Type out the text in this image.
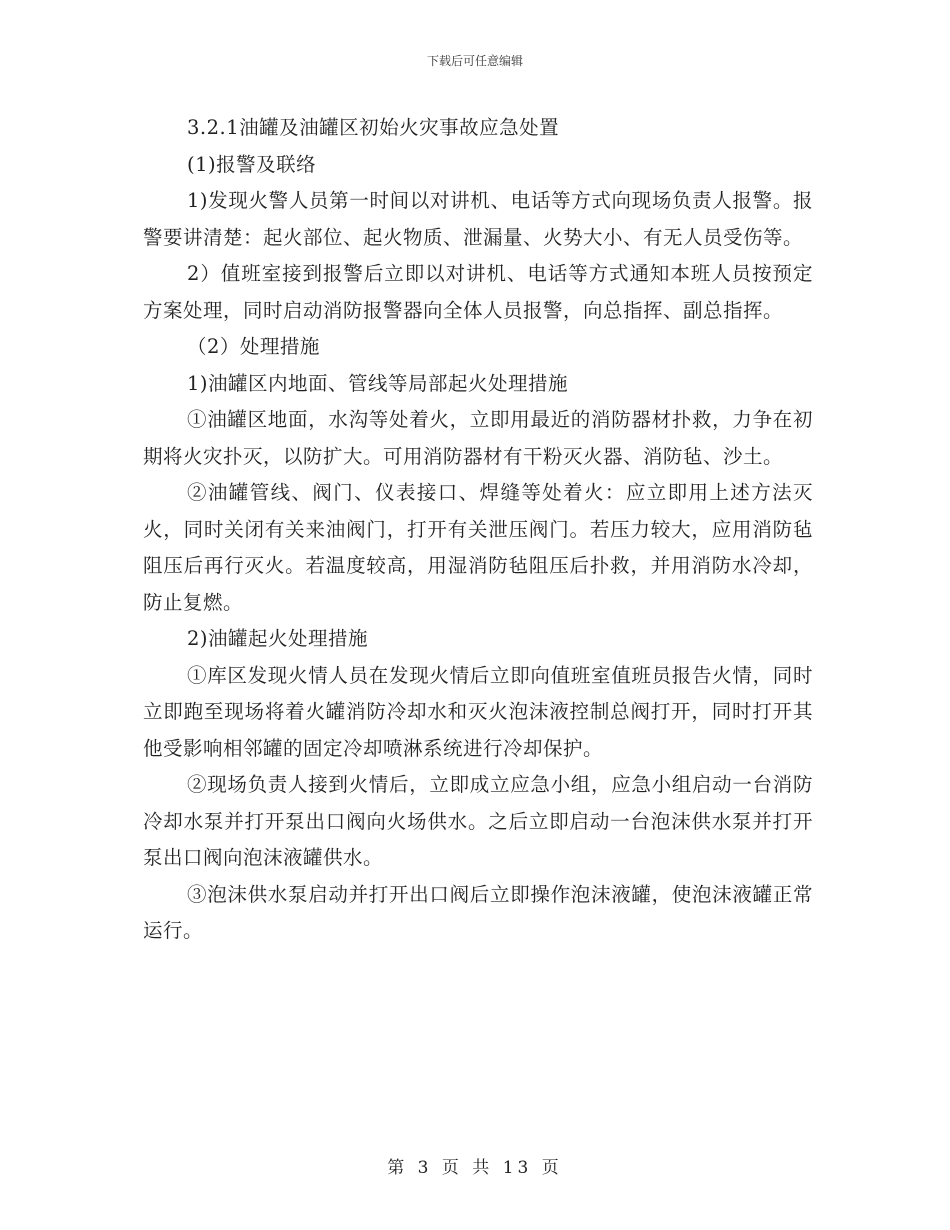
下载后可任意编辑

3.2.1油罐及油罐区初始火灾事故应急处置

(1)报警及联络

1)发现火警人员第一时间以对讲机、电话等方式向现场负责人报警。报警要讲清楚：起火部位、起火物质、泄漏量、火势大小、有无人员受伤等。

2）值班室接到报警后立即以对讲机、电话等方式通知本班人员按预定方案处理，同时启动消防报警器向全体人员报警，向总指挥、副总指挥。

（2）处理措施

1)油罐区内地面、管线等局部起火处理措施

①油罐区地面，水沟等处着火，立即用最近的消防器材扑救，力争在初期将火灾扑灭，以防扩大。可用消防器材有干粉灭火器、消防毡、沙土。

②油罐管线、阀门、仪表接口、焊缝等处着火：应立即用上述方法灭火，同时关闭有关来油阀门，打开有关泄压阀门。若压力较大，应用消防毡阻压后再行灭火。若温度较高，用湿消防毡阻压后扑救，并用消防水冷却，防止复燃。

2)油罐起火处理措施

①库区发现火情人员在发现火情后立即向值班室值班员报告火情，同时立即跑至现场将着火罐消防冷却水和灭火泡沫液控制总阀打开，同时打开其他受影响相邻罐的固定冷却喷淋系统进行冷却保护。

②现场负责人接到火情后，立即成立应急小组，应急小组启动一台消防冷却水泵并打开泵出口阀向火场供水。之后立即启动一台泡沫供水泵并打开泵出口阀向泡沫液罐供水。

③泡沫供水泵启动并打开出口阀后立即操作泡沫液罐，使泡沫液罐正常运行。

第 3 页 共 13 页
